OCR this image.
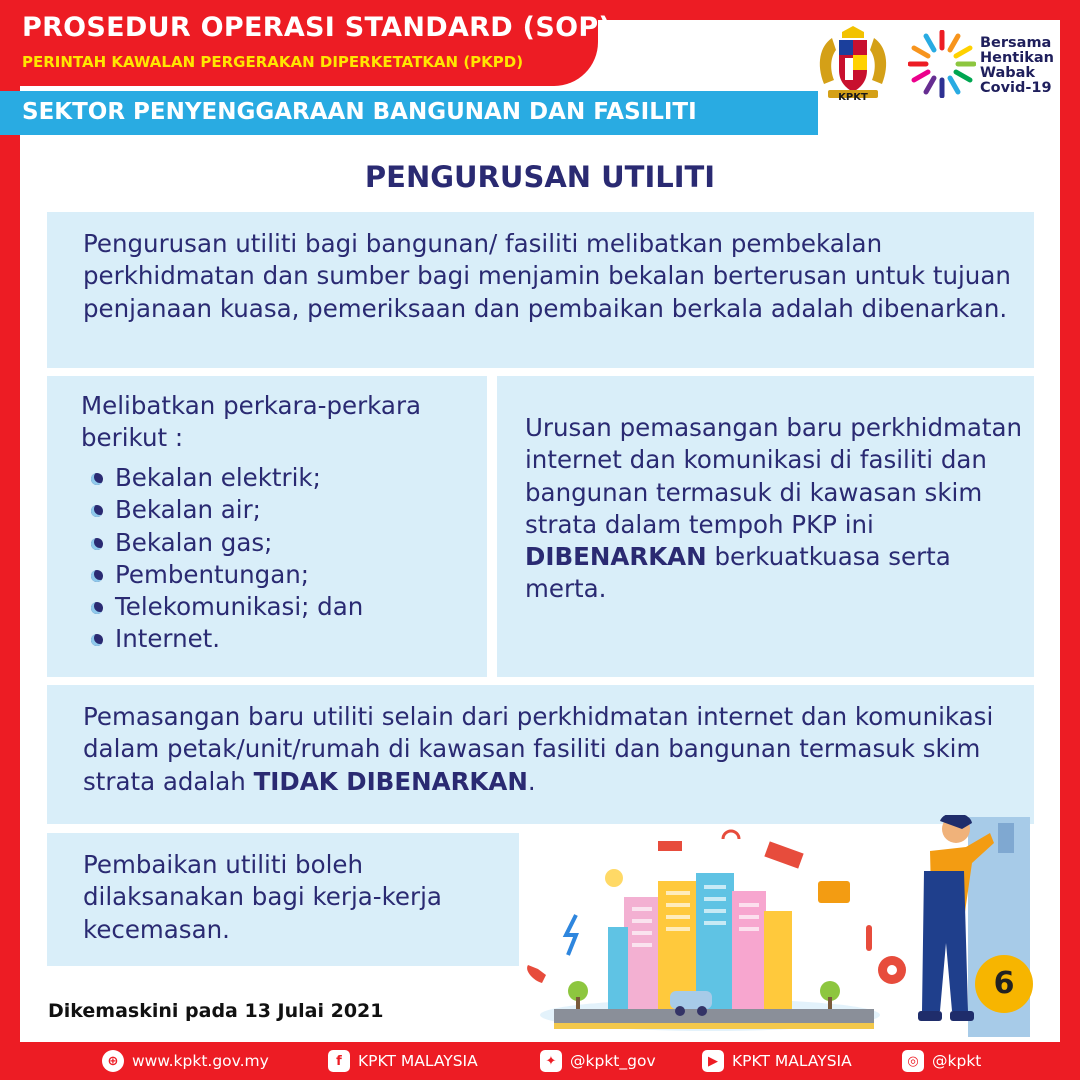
PROSEDUR OPERASI STANDARD (SOP)
PERINTAH KAWALAN PERGERAKAN DIPERKETATKAN (PKPD)
SEKTOR PENYENGGARAAN BANGUNAN DAN FASILITI
KPKT
Bersama
Hentikan
Wabak
Covid-19
PENGURUSAN UTILITI
Pengurusan utiliti bagi bangunan/ fasiliti melibatkan pembekalan perkhidmatan dan sumber bagi menjamin bekalan berterusan untuk tujuan penjanaan kuasa, pemeriksaan dan pembaikan berkala adalah dibenarkan.
Melibatkan perkara-perkara berikut :
Bekalan elektrik;
Bekalan air;
Bekalan gas;
Pembentungan;
Telekomunikasi; dan
Internet.
Urusan pemasangan baru perkhidmatan internet dan komunikasi di fasiliti dan bangunan termasuk di kawasan skim strata dalam tempoh PKP ini DIBENARKAN berkuatkuasa serta merta.
Pemasangan baru utiliti selain dari perkhidmatan internet dan komunikasi dalam petak/unit/rumah di kawasan fasiliti dan bangunan termasuk skim strata adalah TIDAK DIBENARKAN.
Pembaikan utiliti boleh dilaksanakan bagi kerja-kerja kecemasan.
6
Dikemaskini pada 13 Julai 2021
⊕ www.kpkt.gov.my	f	KPKT MALAYSIA	✦ @kpkt_gov	▶ KPKT MALAYSIA	◎ @kpkt
